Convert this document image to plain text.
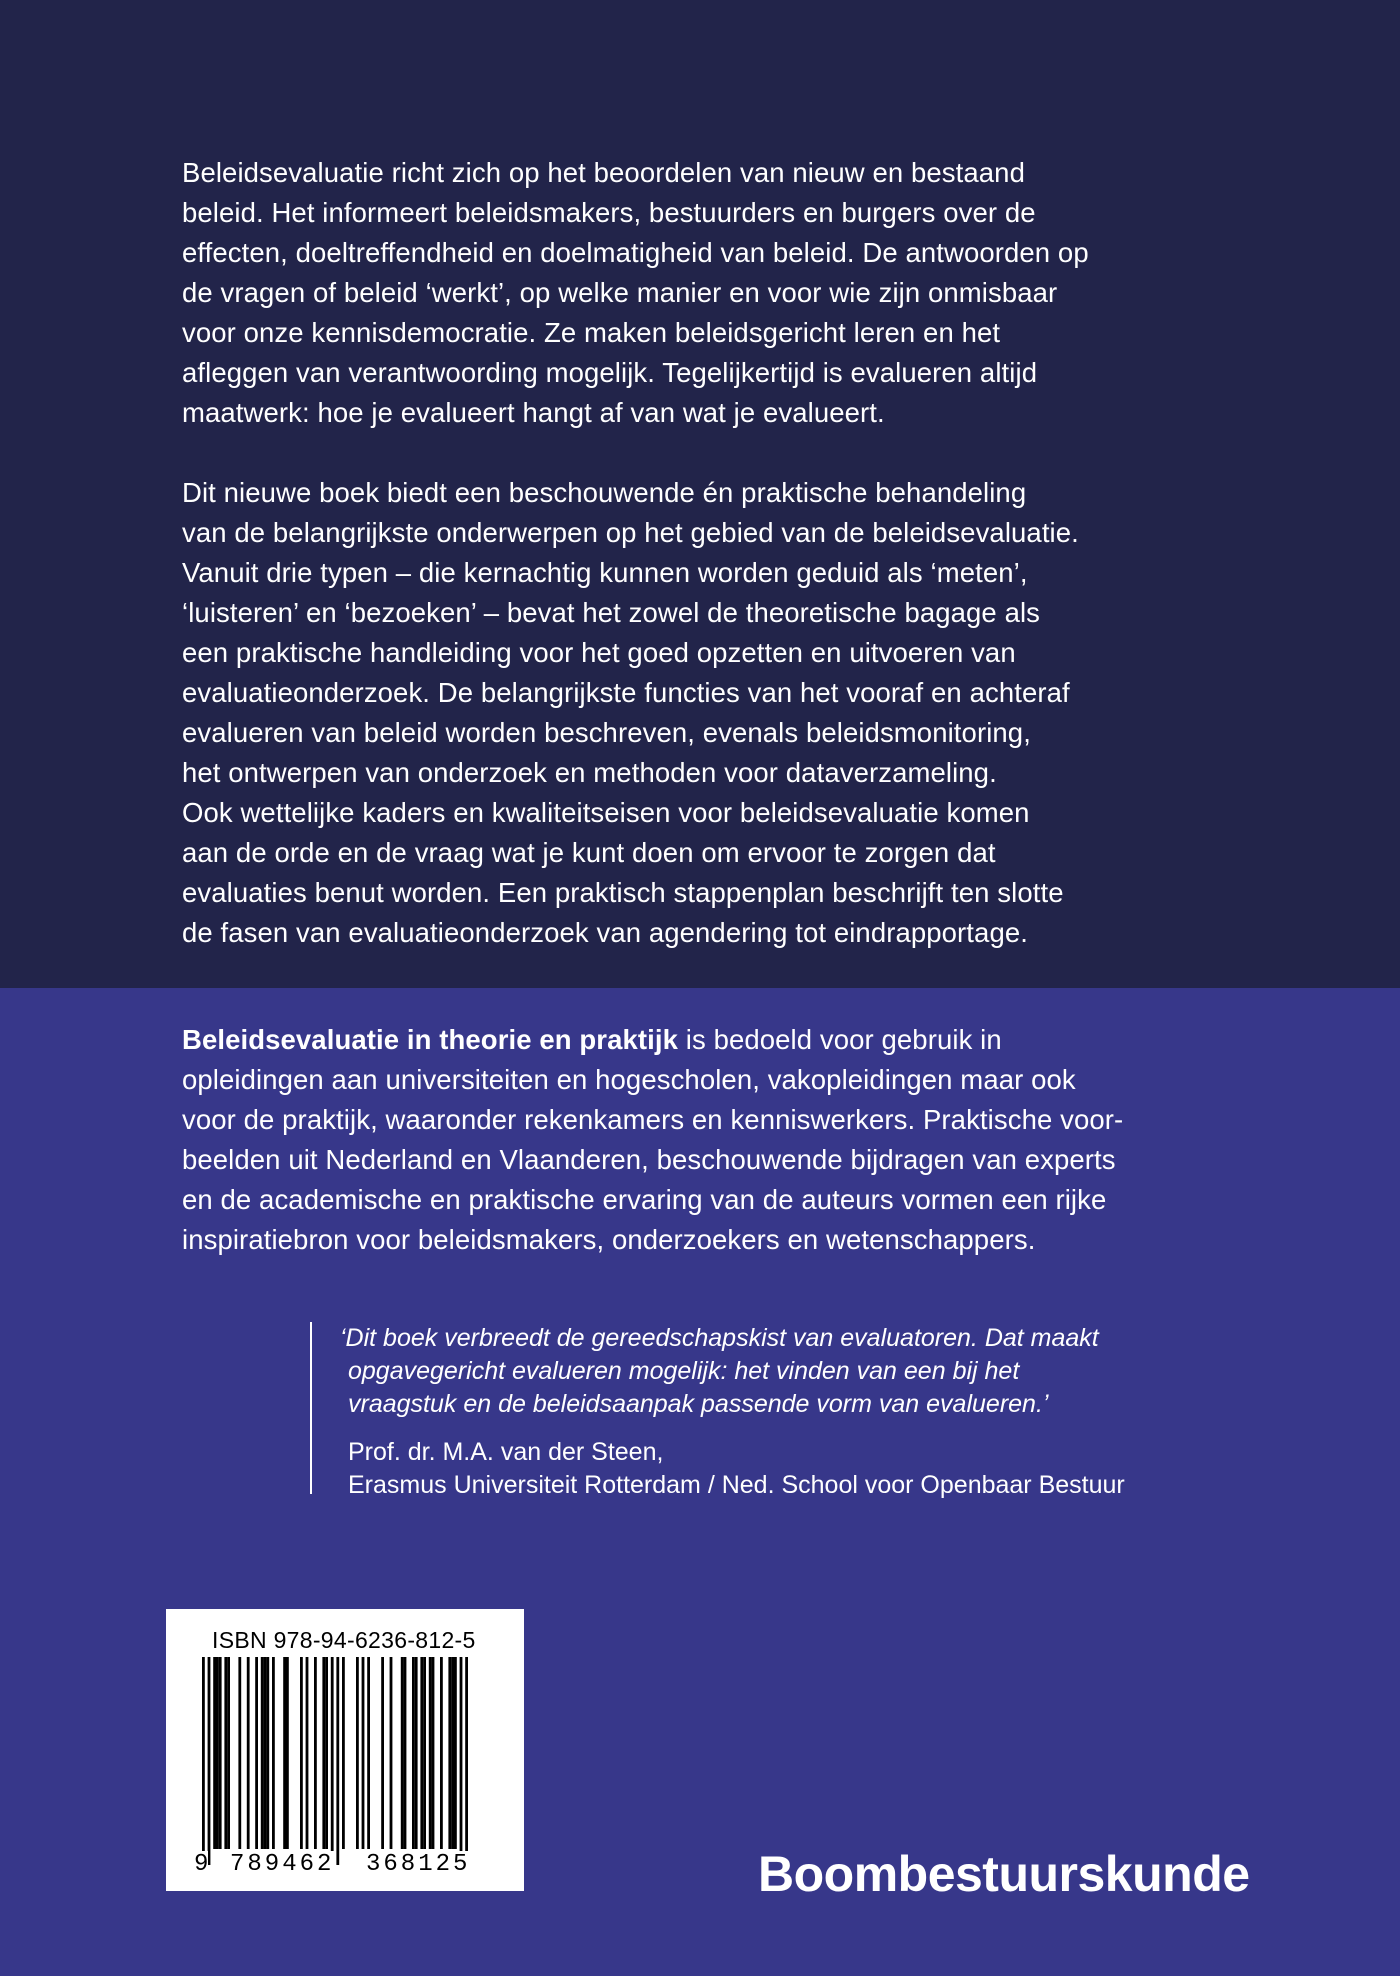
Beleidsevaluatie richt zich op het beoordelen van nieuw en bestaand
beleid. Het informeert beleidsmakers, bestuurders en burgers over de
effecten, doeltreffendheid en doelmatigheid van beleid. De antwoorden op
de vragen of beleid ‘werkt’, op welke manier en voor wie zijn onmisbaar
voor onze kennisdemocratie. Ze maken beleidsgericht leren en het
afleggen van verantwoording mogelijk. Tegelijkertijd is evalueren altijd
maatwerk: hoe je evalueert hangt af van wat je evalueert.
Dit nieuwe boek biedt een beschouwende én praktische behandeling
van de belangrijkste onderwerpen op het gebied van de beleidsevaluatie.
Vanuit drie typen – die kernachtig kunnen worden geduid als ‘meten’,
‘luisteren’ en ‘bezoeken’ – bevat het zowel de theoretische bagage als
een praktische handleiding voor het goed opzetten en uitvoeren van
evaluatieonderzoek. De belangrijkste functies van het vooraf en achteraf
evalueren van beleid worden beschreven, evenals beleidsmonitoring,
het ontwerpen van onderzoek en methoden voor dataverzameling.
Ook wettelijke kaders en kwaliteitseisen voor beleidsevaluatie komen
aan de orde en de vraag wat je kunt doen om ervoor te zorgen dat
evaluaties benut worden. Een praktisch stappenplan beschrijft ten slotte
de fasen van evaluatieonderzoek van agendering tot eindrapportage.
Beleidsevaluatie in theorie en praktijk is bedoeld voor gebruik in
opleidingen aan universiteiten en hogescholen, vakopleidingen maar ook
voor de praktijk, waaronder rekenkamers en kenniswerkers. Praktische voor-
beelden uit Nederland en Vlaanderen, beschouwende bijdragen van experts
en de academische en praktische ervaring van de auteurs vormen een rijke
inspiratiebron voor beleidsmakers, onderzoekers en wetenschappers.
‘Dit boek verbreedt de gereedschapskist van evaluatoren. Dat maakt
opgavegericht evalueren mogelijk: het vinden van een bij het
vraagstuk en de beleidsaanpak passende vorm van evalueren.’
Prof. dr. M.A. van der Steen,
Erasmus Universiteit Rotterdam / Ned. School voor Openbaar Bestuur
ISBN 978-94-6236-812-5
9 789462 368125	Boombestuurskunde
